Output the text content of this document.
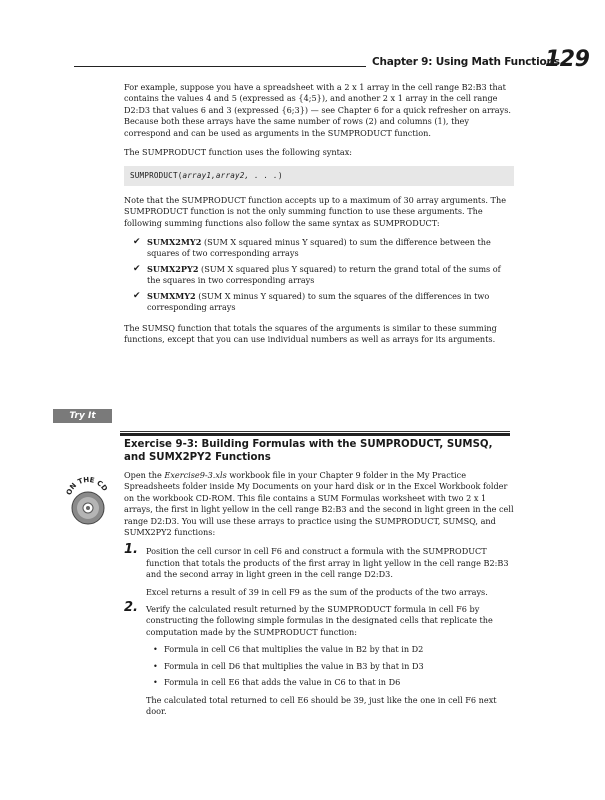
Chapter 9: Using Math Functions
129

For example, suppose you have a spreadsheet with a 2 x 1 array in the cell range B2:B3 that contains the values 4 and 5 (expressed as {4;5}), and another 2 x 1 array in the cell range D2:D3 that values 6 and 3 (expressed {6;3}) — see Chapter 6 for a quick refresher on arrays. Because both these arrays have the same number of rows (2) and columns (1), they correspond and can be used as arguments in the SUMPRODUCT function.

The SUMPRODUCT function uses the following syntax:

SUMPRODUCT(array1,array2, . . .)

Note that the SUMPRODUCT function accepts up to a maximum of 30 array arguments. The SUMPRODUCT function is not the only summing function to use these arguments. The following summing functions also follow the same syntax as SUMPRODUCT:

✔ SUMX2MY2 (SUM X squared minus Y squared) to sum the difference between the squares of two corresponding arrays
✔ SUMX2PY2 (SUM X squared plus Y squared) to return the grand total of the sums of the squares in two corresponding arrays
✔ SUMXMY2 (SUM X minus Y squared) to sum the squares of the differences in two corresponding arrays

The SUMSQ function that totals the squares of the arguments is similar to these summing functions, except that you can use individual numbers as well as arrays for its arguments.

Try It
Exercise 9-3: Building Formulas with the SUMPRODUCT, SUMSQ, and SUMX2PY2 Functions
ON THE CD

Open the Exercise9-3.xls workbook file in your Chapter 9 folder in the My Practice Spreadsheets folder inside My Documents on your hard disk or in the Excel Workbook folder on the workbook CD-ROM. This file contains a SUM Formulas worksheet with two 2 x 1 arrays, the first in light yellow in the cell range B2:B3 and the second in light green in the cell range D2:D3. You will use these arrays to practice using the SUMPRODUCT, SUMSQ, and SUMX2PY2 functions:

1. Position the cell cursor in cell F6 and construct a formula with the SUMPRODUCT function that totals the products of the first array in light yellow in the cell range B2:B3 and the second array in light green in the cell range D2:D3.

Excel returns a result of 39 in cell F9 as the sum of the products of the two arrays.

2. Verify the calculated result returned by the SUMPRODUCT formula in cell F6 by constructing the following simple formulas in the designated cells that replicate the computation made by the SUMPRODUCT function:

• Formula in cell C6 that multiplies the value in B2 by that in D2
• Formula in cell D6 that multiplies the value in B3 by that in D3
• Formula in cell E6 that adds the value in C6 to that in D6

The calculated total returned to cell E6 should be 39, just like the one in cell F6 next door.
